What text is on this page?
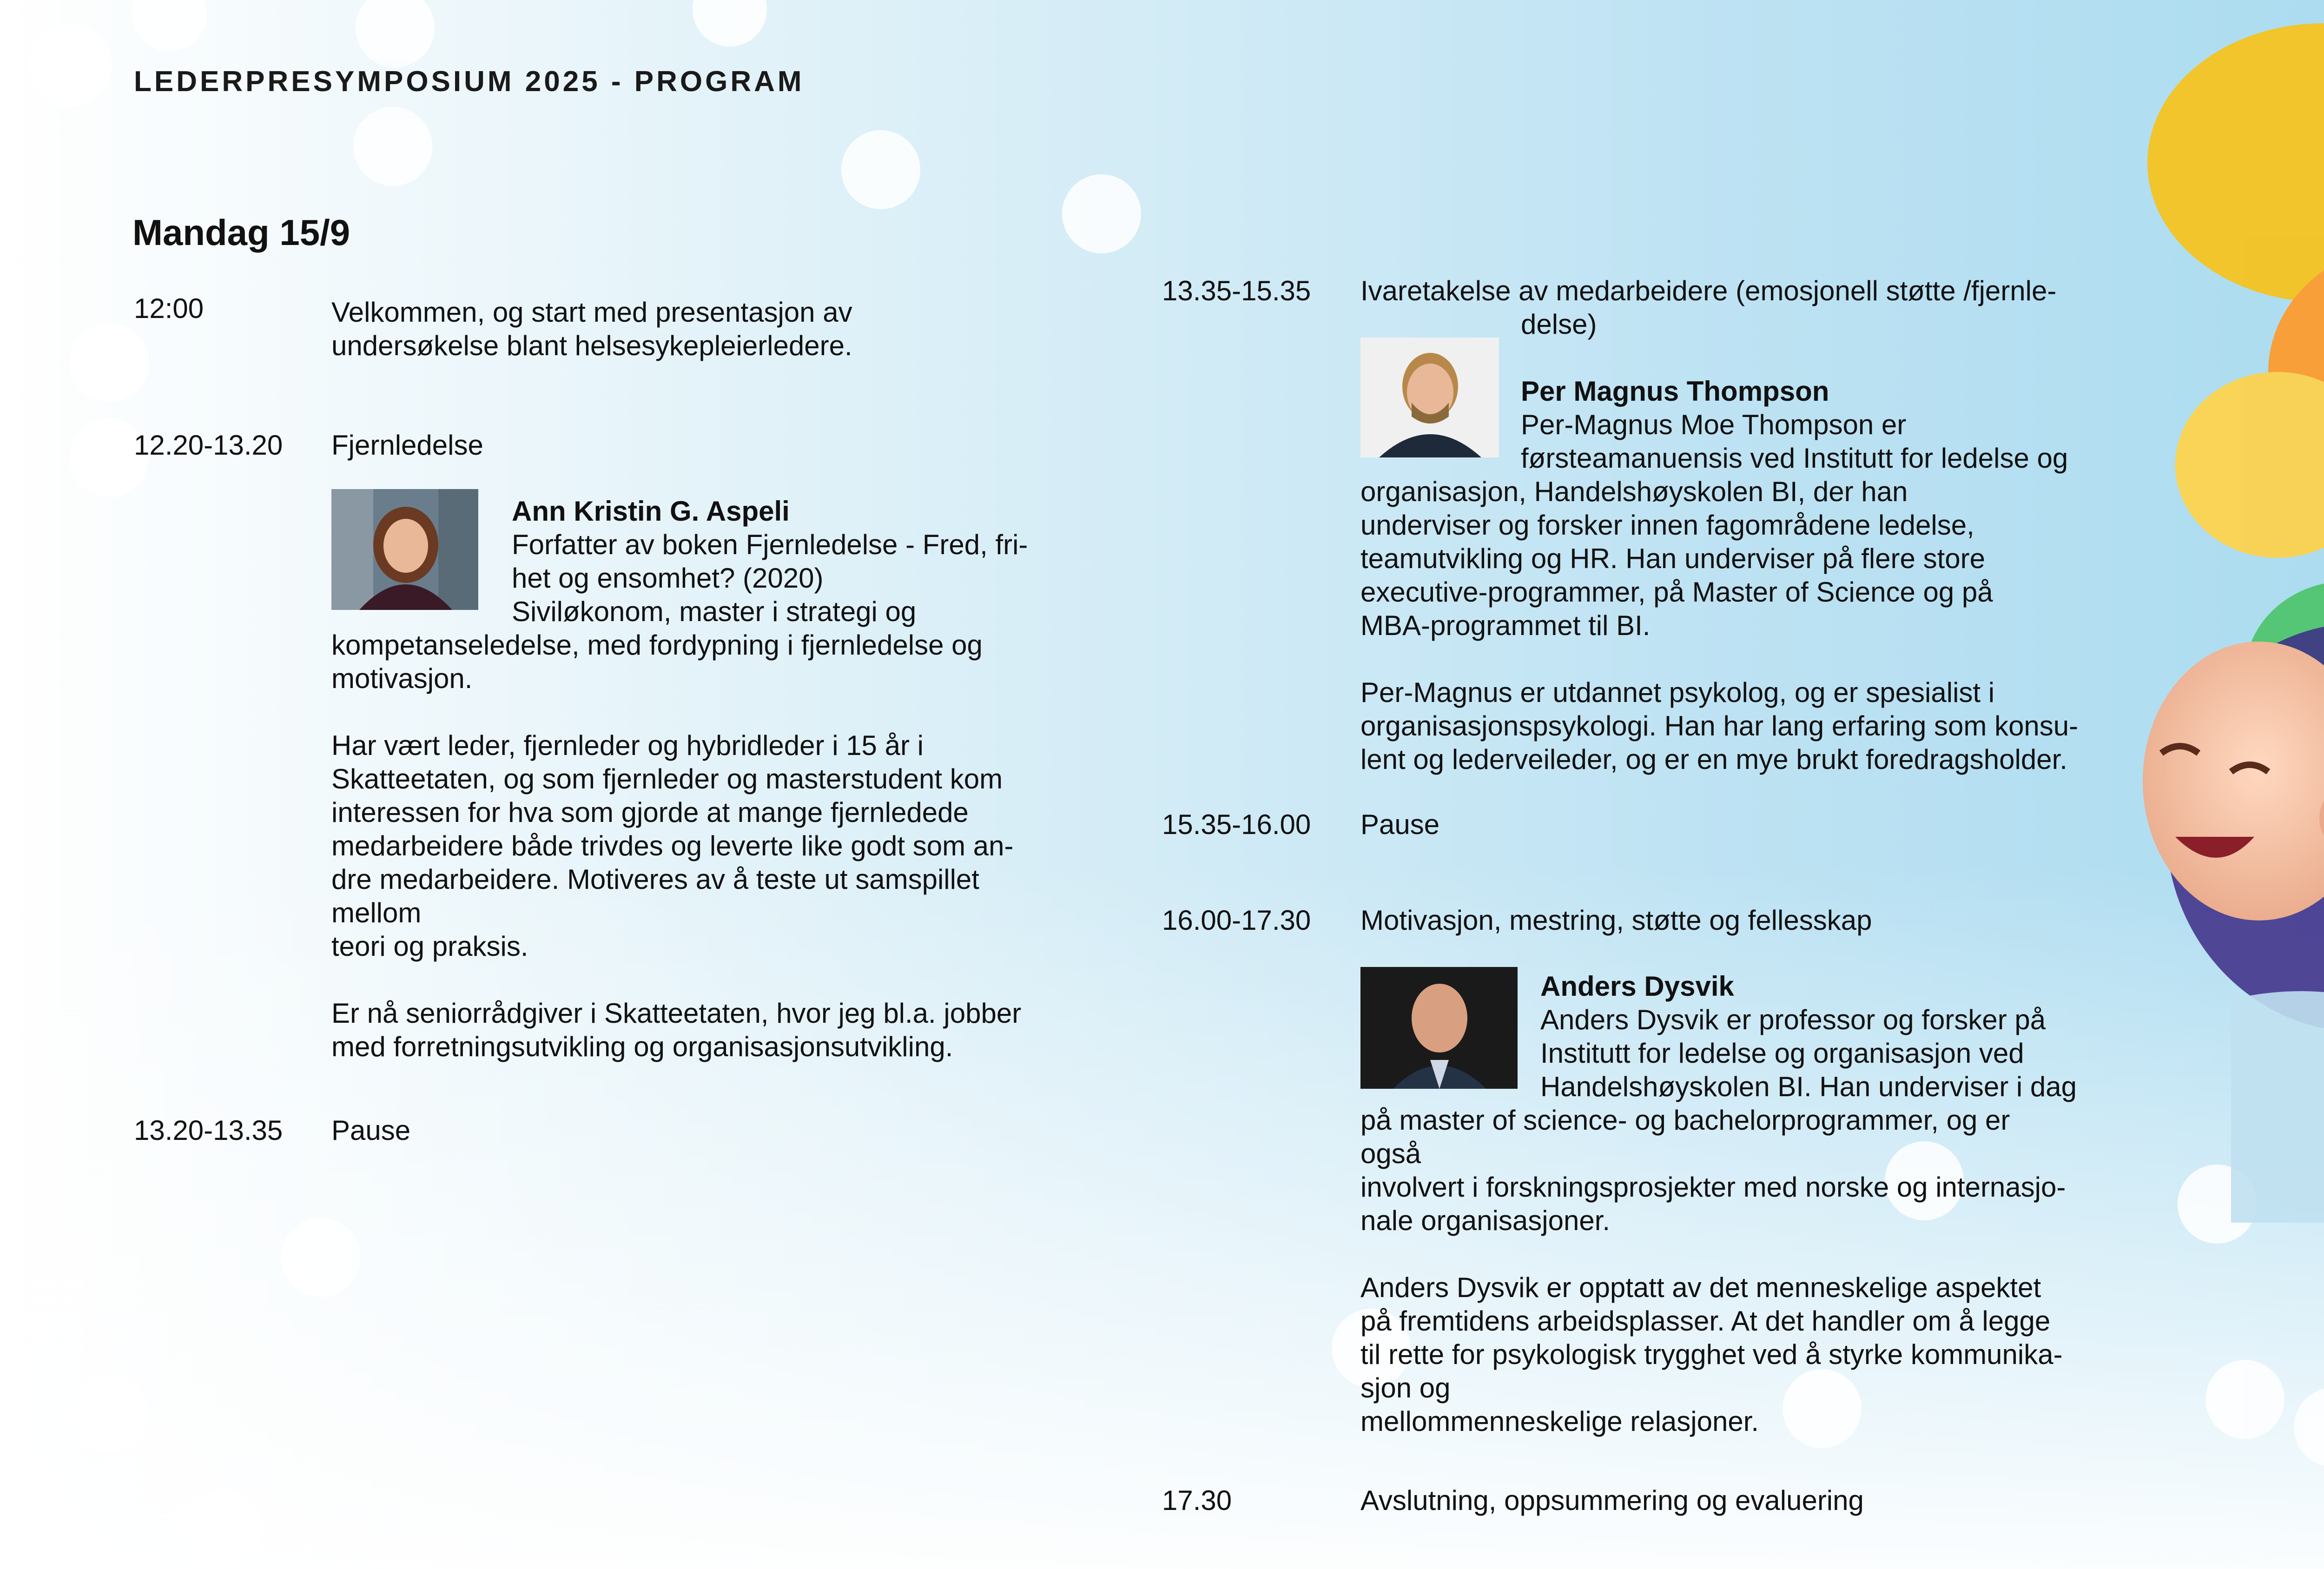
LEDERPRESYMPOSIUM 2025 - PROGRAM
Mandag 15/9
12:00	Velkommen, og start med presentasjon av

undersøkelse blant helsesykepleierledere.

12.20-13.20 Fjernledelse
Ann Kristin G. Aspeli

Forfatter av boken Fjernledelse - Fred, fri-

het og ensomhet? (2020)

Siviløkonom, master i strategi og

kompetanseledelse, med fordypning i fjernledelse og

motivasjon.

Har vært leder, fjernleder og hybridleder i 15 år i

Skatteetaten, og som fjernleder og masterstudent kom

interessen for hva som gjorde at mange fjernledede

medarbeidere både trivdes og leverte like godt som an-

dre medarbeidere. Motiveres av å teste ut samspillet

mellom

teori og praksis.

Er nå seniorrådgiver i Skatteetaten, hvor jeg bl.a. jobber

med forretningsutvikling og organisasjonsutvikling.

13.20-13.35 Pause
13.35-15.35 Ivaretakelse av medarbeidere (emosjonell støtte /fjernle-

delse)

Per Magnus Thompson

Per-Magnus Moe Thompson er

førsteamanuensis ved Institutt for ledelse og

organisasjon, Handelshøyskolen BI, der han

underviser og forsker innen fagområdene ledelse,

teamutvikling og HR. Han underviser på flere store

executive-programmer, på Master of Science og på

MBA-programmet til BI.

Per-Magnus er utdannet psykolog, og er spesialist i

organisasjonspsykologi. Han har lang erfaring som konsu-

lent og lederveileder, og er en mye brukt foredragsholder.

15.35-16.00 Pause
16.00-17.30 Motivasjon, mestring, støtte og fellesskap
Anders Dysvik

Anders Dysvik er professor og forsker på

Institutt for ledelse og organisasjon ved

Handelshøyskolen BI. Han underviser i dag

på master of science- og bachelorprogrammer, og er

også

involvert i forskningsprosjekter med norske og internasjo-

nale organisasjoner.

Anders Dysvik er opptatt av det menneskelige aspektet

på fremtidens arbeidsplasser. At det handler om å legge

til rette for psykologisk trygghet ved å styrke kommunika-

sjon og

mellommenneskelige relasjoner.

17.30	Avslutning, oppsummering og evaluering
